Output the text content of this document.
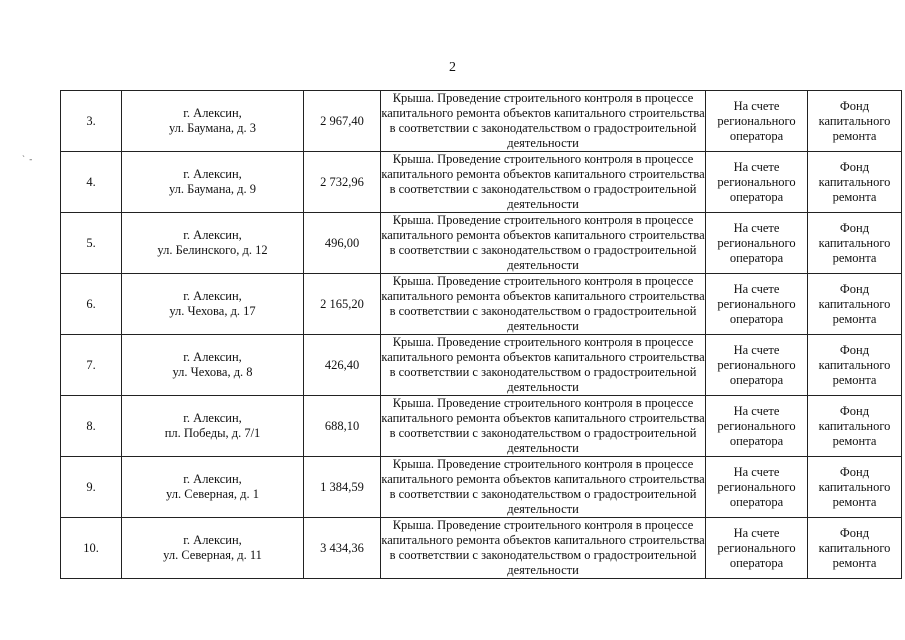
2
` -
3.	г. Алексин,
ул. Баумана, д. 3	2 967,40	Крыша. Проведение строительного контроля в процессе капитального ремонта объектов капитального строительства в соответствии с законодательством о градостроительной деятельности	На счете регионального оператора	Фонд капитального ремонта
4.	г. Алексин,
ул. Баумана, д. 9	2 732,96	Крыша. Проведение строительного контроля в процессе капитального ремонта объектов капитального строительства в соответствии с законодательством о градостроительной деятельности	На счете регионального оператора	Фонд капитального ремонта
5.	г. Алексин,
ул. Белинского, д. 12	496,00	Крыша. Проведение строительного контроля в процессе капитального ремонта объектов капитального строительства в соответствии с законодательством о градостроительной деятельности	На счете регионального оператора	Фонд капитального ремонта
6.	г. Алексин,
ул. Чехова, д. 17	2 165,20	Крыша. Проведение строительного контроля в процессе капитального ремонта объектов капитального строительства в соответствии с законодательством о градостроительной деятельности	На счете регионального оператора	Фонд капитального ремонта
7.	г. Алексин,
ул. Чехова, д. 8	426,40	Крыша. Проведение строительного контроля в процессе капитального ремонта объектов капитального строительства в соответствии с законодательством о градостроительной деятельности	На счете регионального оператора	Фонд капитального ремонта
8.	г. Алексин,
пл. Победы, д. 7/1	688,10	Крыша. Проведение строительного контроля в процессе капитального ремонта объектов капитального строительства в соответствии с законодательством о градостроительной деятельности	На счете регионального оператора	Фонд капитального ремонта
9.	г. Алексин,
ул. Северная, д. 1	1 384,59	Крыша. Проведение строительного контроля в процессе капитального ремонта объектов капитального строительства в соответствии с законодательством о градостроительной деятельности	На счете регионального оператора	Фонд капитального ремонта
10.	г. Алексин,
ул. Северная, д. 11	3 434,36	Крыша. Проведение строительного контроля в процессе капитального ремонта объектов капитального строительства в соответствии с законодательством о градостроительной деятельности	На счете регионального оператора	Фонд капитального ремонта
